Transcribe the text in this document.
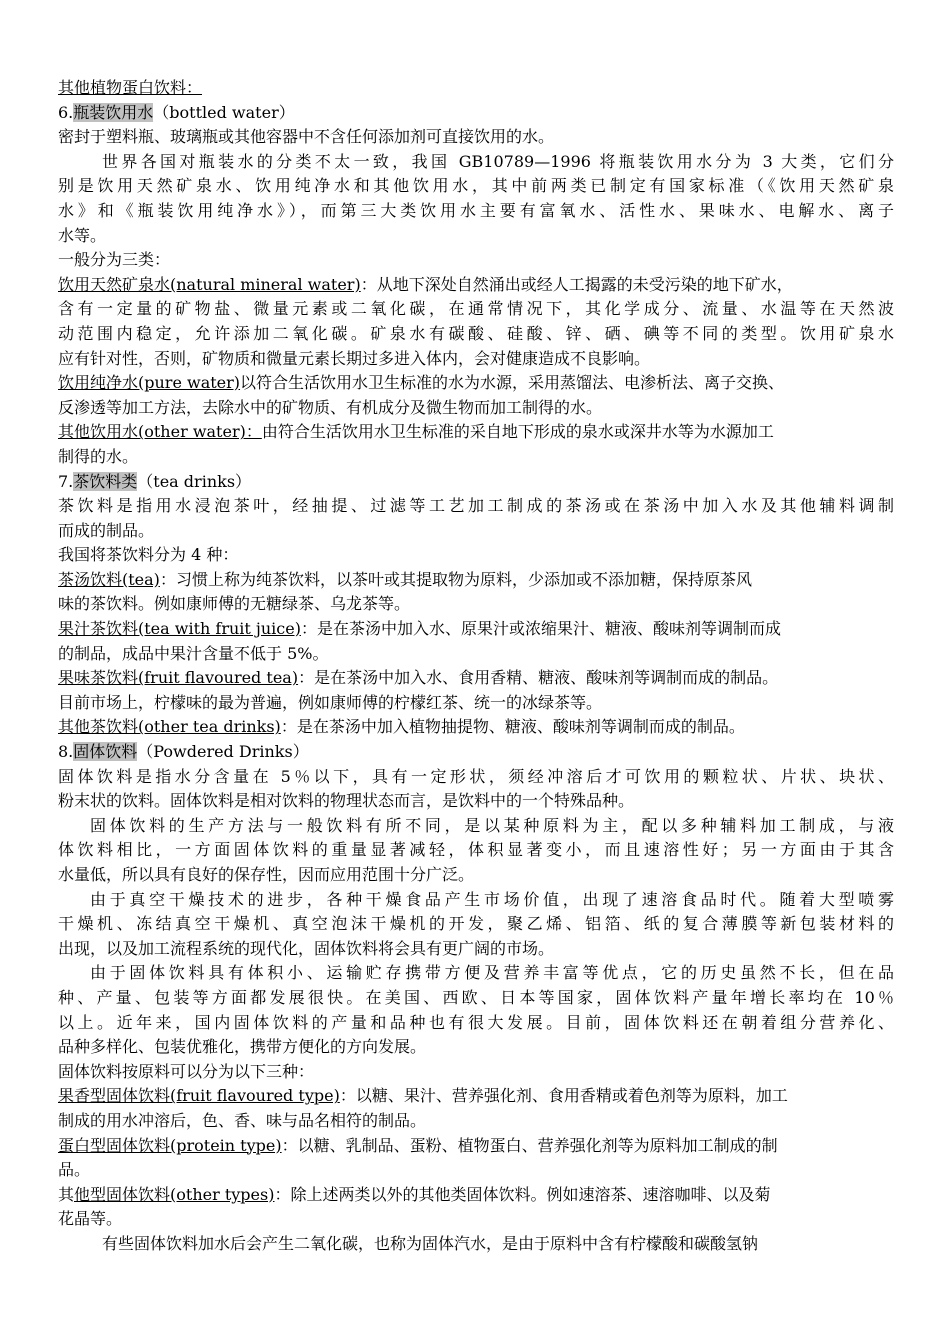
其他植物蛋白饮料：
6.瓶装饮用水（bottled water）
密封于塑料瓶、玻璃瓶或其他容器中不含任何添加剂可直接饮用的水。
世界各国对瓶装水的分类不太一致，我国 GB10789—1996 将瓶装饮用水分为 3 大类，它们分
别是饮用天然矿泉水、饮用纯净水和其他饮用水，其中前两类已制定有国家标准（《饮用天然矿泉
水》和《瓶装饮用纯净水》），而第三大类饮用水主要有富氧水、活性水、果味水、电解水、离子
水等。
一般分为三类：
饮用天然矿泉水(natural mineral water)：从地下深处自然涌出或经人工揭露的未受污染的地下矿水，
含有一定量的矿物盐、微量元素或二氧化碳，在通常情况下，其化学成分、流量、水温等在天然波
动范围内稳定，允许添加二氧化碳。矿泉水有碳酸、硅酸、锌、硒、碘等不同的类型。饮用矿泉水
应有针对性，否则，矿物质和微量元素长期过多进入体内，会对健康造成不良影响。
饮用纯净水(pure water)以符合生活饮用水卫生标准的水为水源，采用蒸馏法、电渗析法、离子交换、
反渗透等加工方法，去除水中的矿物质、有机成分及微生物而加工制得的水。
其他饮用水(other water)：由符合生活饮用水卫生标准的采自地下形成的泉水或深井水等为水源加工
制得的水。
7.茶饮料类（tea drinks）
茶饮料是指用水浸泡茶叶，经抽提、过滤等工艺加工制成的茶汤或在茶汤中加入水及其他辅料调制
而成的制品。
我国将茶饮料分为 4 种：
茶汤饮料(tea)：习惯上称为纯茶饮料，以茶叶或其提取物为原料，少添加或不添加糖，保持原茶风
味的茶饮料。例如康师傅的无糖绿茶、乌龙茶等。
果汁茶饮料(tea with fruit juice)：是在茶汤中加入水、原果汁或浓缩果汁、糖液、酸味剂等调制而成
的制品，成品中果汁含量不低于 5%。
果味茶饮料(fruit flavoured tea)：是在茶汤中加入水、食用香精、糖液、酸味剂等调制而成的制品。
目前市场上，柠檬味的最为普遍，例如康师傅的柠檬红茶、统一的冰绿茶等。
其他茶饮料(other tea drinks)：是在茶汤中加入植物抽提物、糖液、酸味剂等调制而成的制品。
8.固体饮料（Powdered Drinks）
固体饮料是指水分含量在 5％以下，具有一定形状，须经冲溶后才可饮用的颗粒状、片状、块状、
粉末状的饮料。固体饮料是相对饮料的物理状态而言，是饮料中的一个特殊品种。
固体饮料的生产方法与一般饮料有所不同，是以某种原料为主，配以多种辅料加工制成，与液
体饮料相比，一方面固体饮料的重量显著减轻，体积显著变小，而且速溶性好；另一方面由于其含
水量低，所以具有良好的保存性，因而应用范围十分广泛。
由于真空干燥技术的进步，各种干燥食品产生市场价值，出现了速溶食品时代。随着大型喷雾
干燥机、冻结真空干燥机、真空泡沫干燥机的开发，聚乙烯、铝箔、纸的复合薄膜等新包装材料的
出现，以及加工流程系统的现代化，固体饮料将会具有更广阔的市场。
由于固体饮料具有体积小、运输贮存携带方便及营养丰富等优点，它的历史虽然不长，但在品
种、产量、包装等方面都发展很快。在美国、西欧、日本等国家，固体饮料产量年增长率均在 10％
以上。近年来，国内固体饮料的产量和品种也有很大发展。目前，固体饮料还在朝着组分营养化、
品种多样化、包装优雅化，携带方便化的方向发展。
固体饮料按原料可以分为以下三种：
果香型固体饮料(fruit flavoured type)：以糖、果汁、营养强化剂、食用香精或着色剂等为原料，加工
制成的用水冲溶后，色、香、味与品名相符的制品。
蛋白型固体饮料(protein type)：以糖、乳制品、蛋粉、植物蛋白、营养强化剂等为原料加工制成的制
品。
其他型固体饮料(other types)：除上述两类以外的其他类固体饮料。例如速溶茶、速溶咖啡、以及菊
花晶等。
有些固体饮料加水后会产生二氧化碳，也称为固体汽水，是由于原料中含有柠檬酸和碳酸氢钠
